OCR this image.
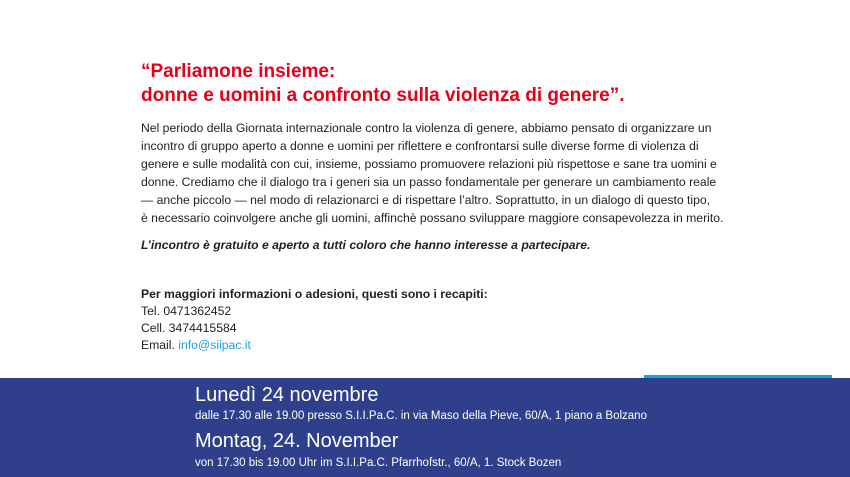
“Parliamone insieme:
donne e uomini a confronto sulla violenza di genere”.

Nel periodo della Giornata internazionale contro la violenza di genere, abbiamo pensato di organizzare un
incontro di gruppo aperto a donne e uomini per riflettere e confrontarsi sulle diverse forme di violenza di
genere e sulle modalità con cui, insieme, possiamo promuovere relazioni più rispettose e sane tra uomini e
donne. Crediamo che il dialogo tra i generi sia un passo fondamentale per generare un cambiamento reale
— anche piccolo — nel modo di relazionarci e di rispettare l’altro. Soprattutto, in un dialogo di questo tipo,
è necessario coinvolgere anche gli uomini, affinchè possano sviluppare maggiore consapevolezza in merito.

L’incontro è gratuito e aperto a tutti coloro che hanno interesse a partecipare.

Per maggiori informazioni o adesioni, questi sono i recapiti:
Tel. 0471362452
Cell. 3474415584
Email. info@siipac.it

Lunedì 24 novembre

dalle 17.30 alle 19.00 presso S.I.I.Pa.C. in via Maso della Pieve, 60/A, 1 piano a Bolzano

Montag, 24. November

von 17.30 bis 19.00 Uhr im S.I.I.Pa.C. Pfarrhofstr., 60/A, 1. Stock Bozen
